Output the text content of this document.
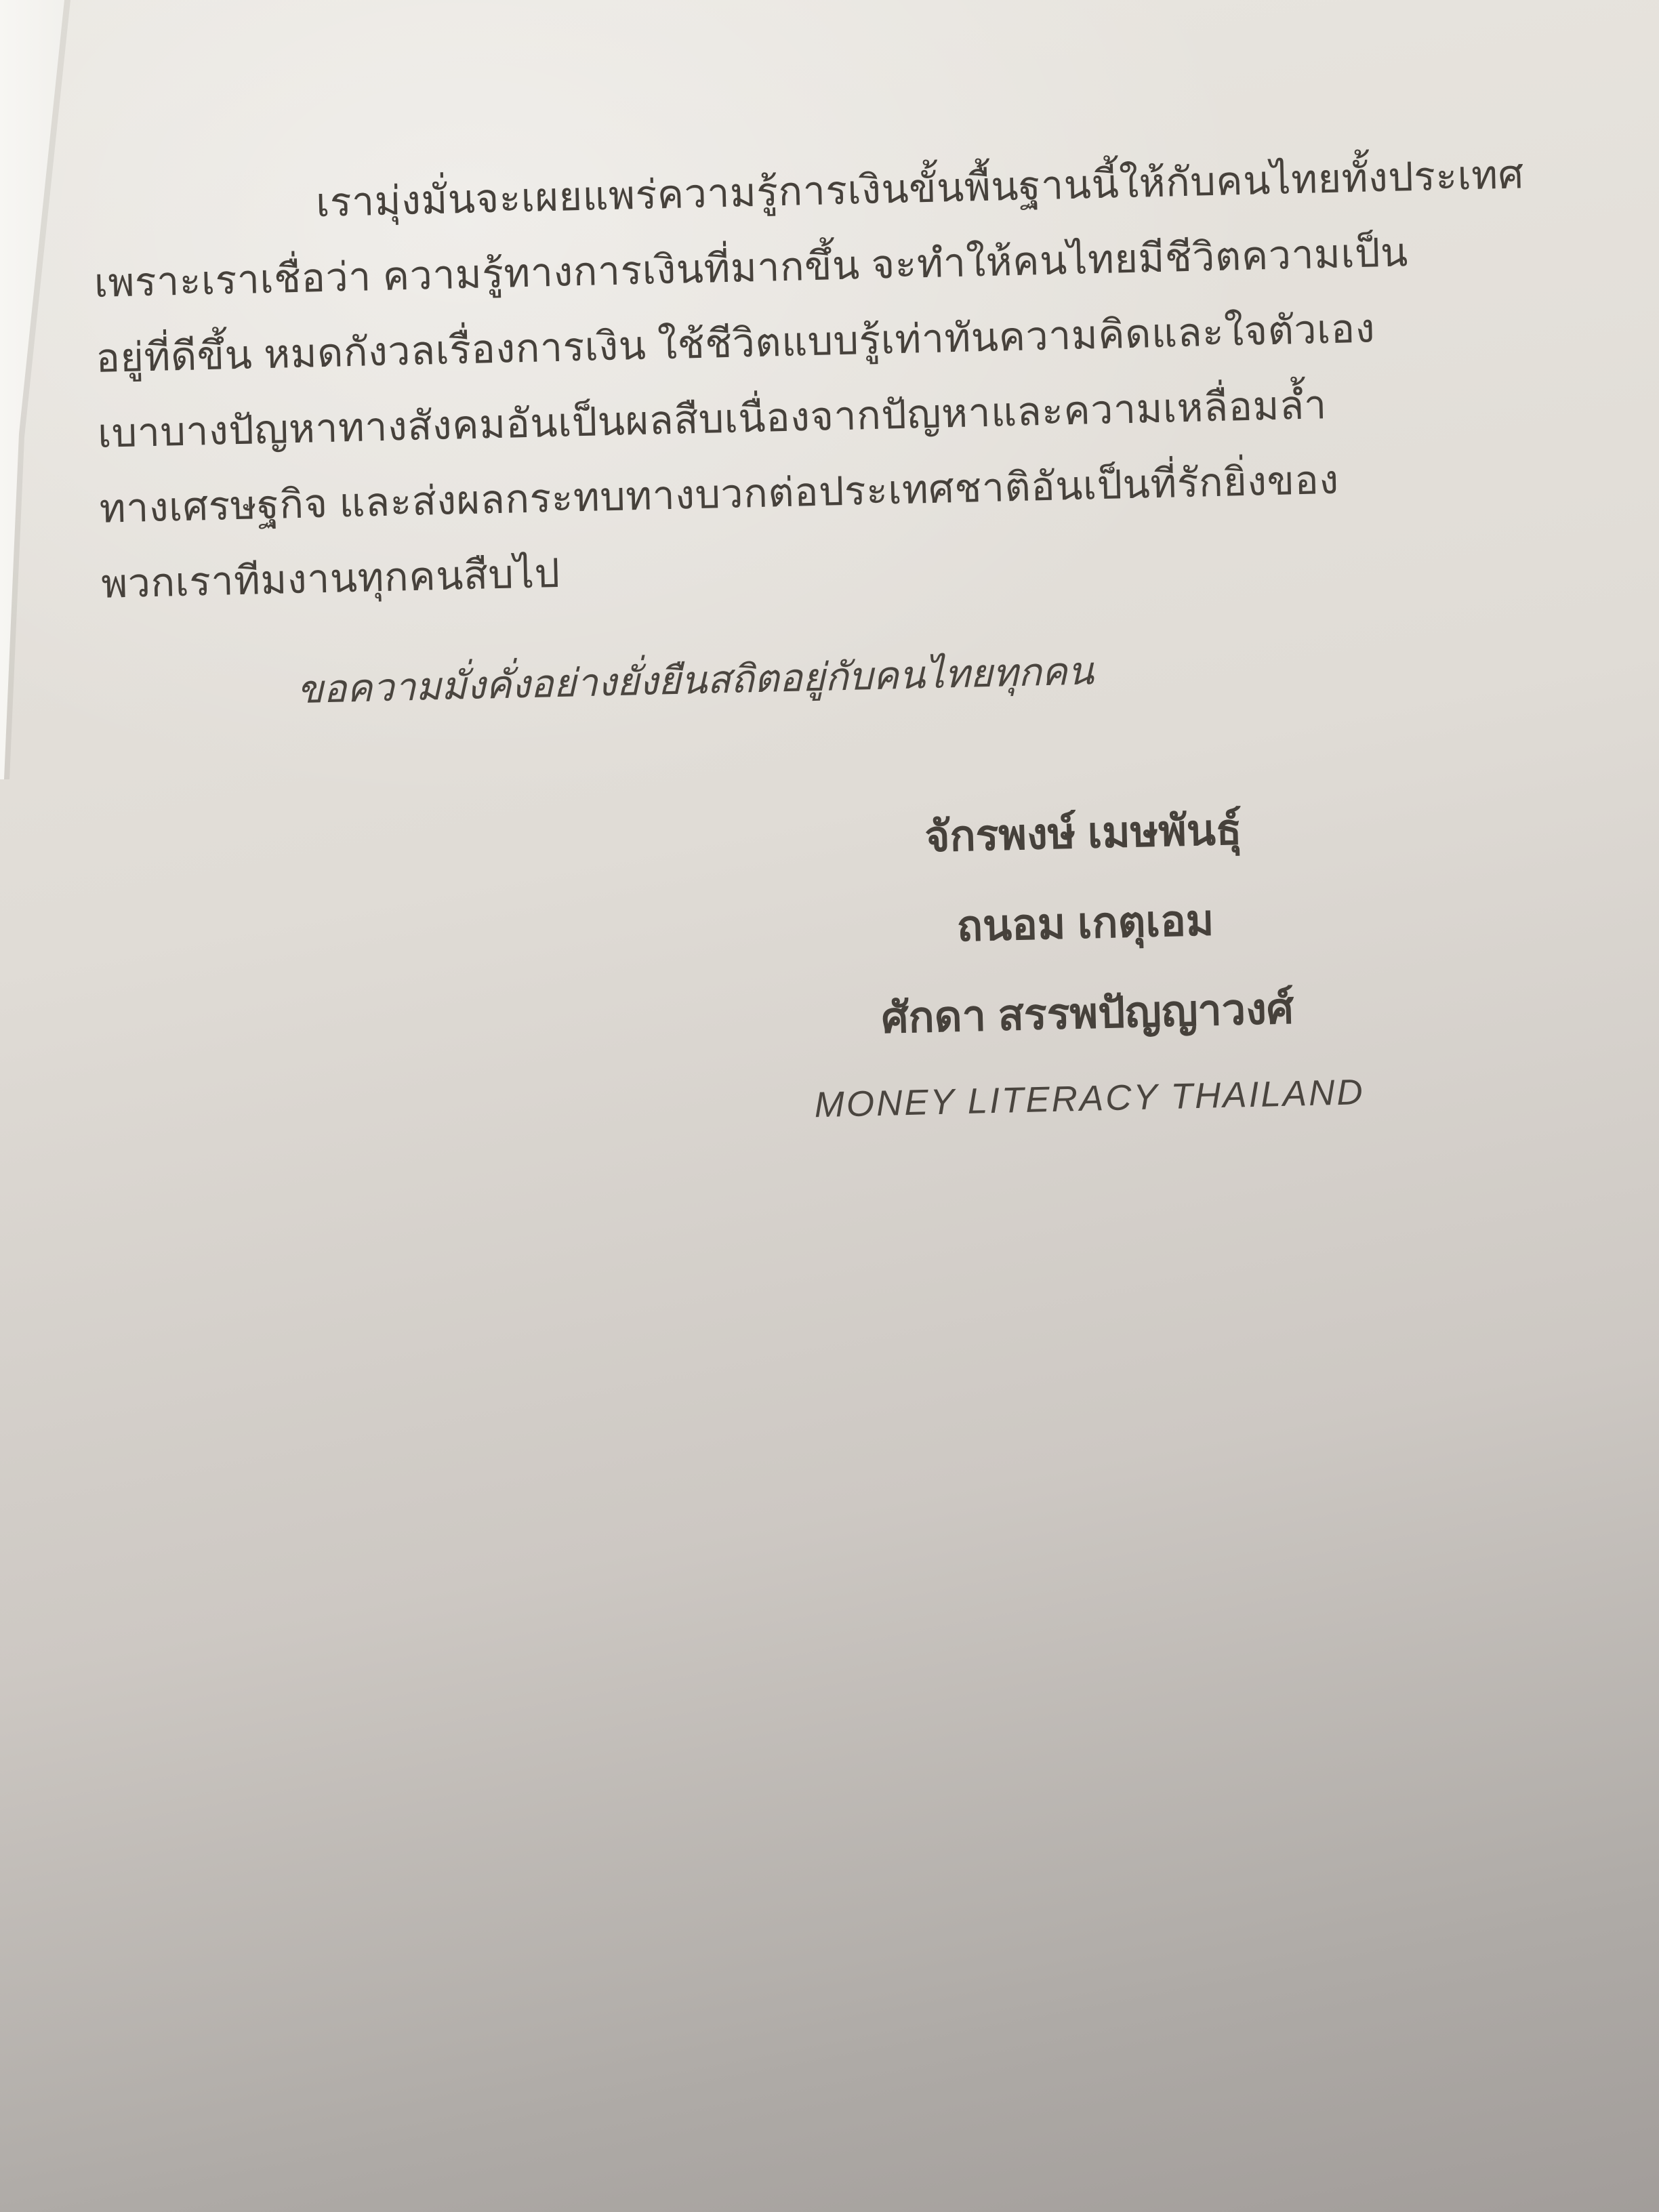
เรามุ่งมั่นจะเผยแพร่ความรู้การเงินขั้นพื้นฐานนี้ให้กับคนไทยทั้งประเทศ
เพราะเราเชื่อว่า ความรู้ทางการเงินที่มากขึ้น จะทำให้คนไทยมีชีวิตความเป็น
อยู่ที่ดีขึ้น หมดกังวลเรื่องการเงิน ใช้ชีวิตแบบรู้เท่าทันความคิดและใจตัวเอง
เบาบางปัญหาทางสังคมอันเป็นผลสืบเนื่องจากปัญหาและความเหลื่อมล้ำ
ทางเศรษฐกิจ และส่งผลกระทบทางบวกต่อประเทศชาติอันเป็นที่รักยิ่งของ
พวกเราทีมงานทุกคนสืบไป
ขอความมั่งคั่งอย่างยั่งยืนสถิตอยู่กับคนไทยทุกคน
จักรพงษ์ เมษพันธุ์
ถนอม เกตุเอม
ศักดา สรรพปัญญาวงศ์
MONEY LITERACY THAILAND
